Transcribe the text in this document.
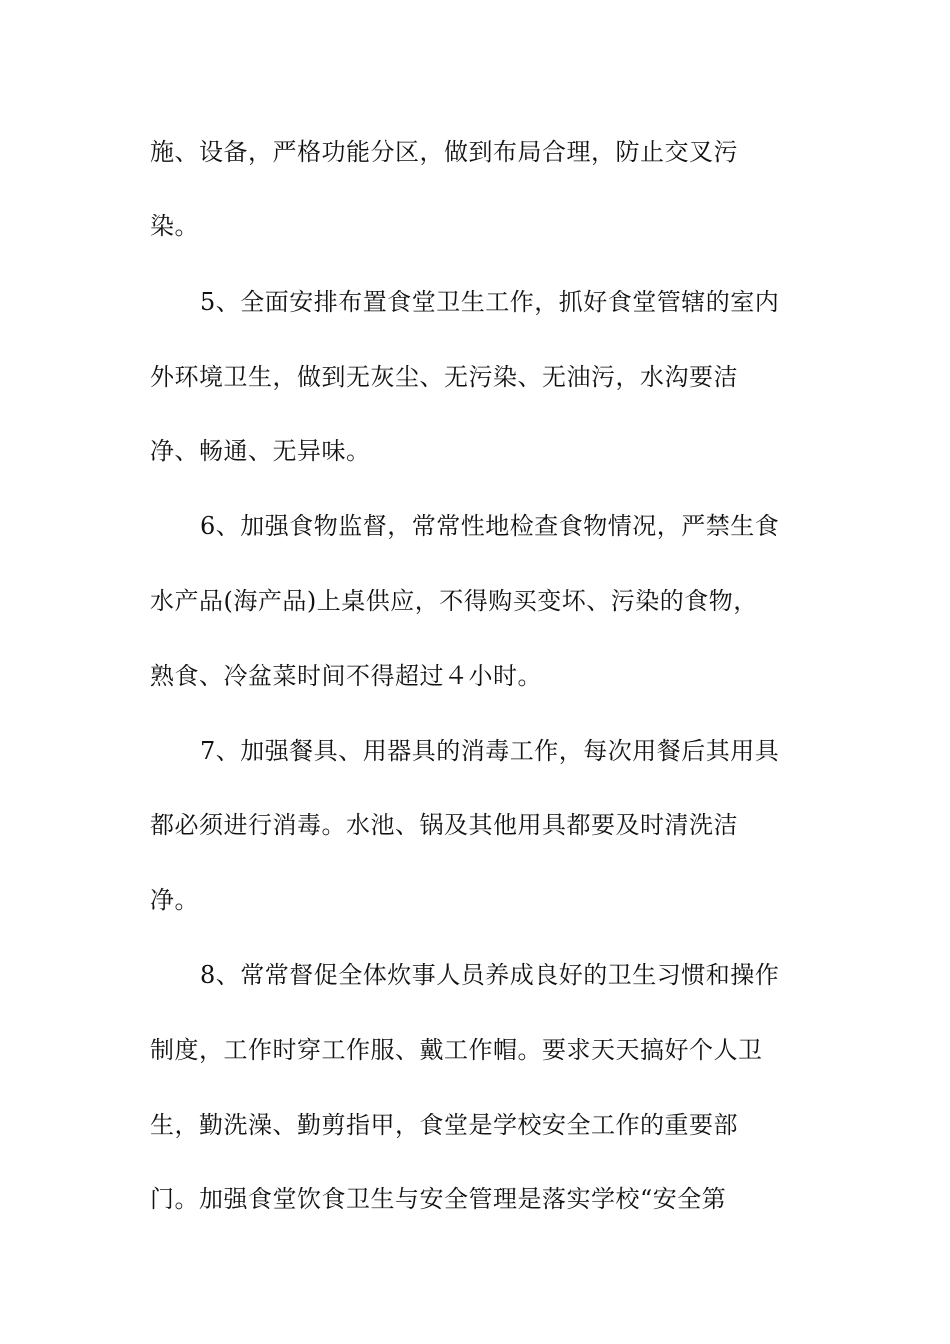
施、设备，严格功能分区，做到布局合理，防止交叉污
染。
5、全面安排布置食堂卫生工作，抓好食堂管辖的室内
外环境卫生，做到无灰尘、无污染、无油污，水沟要洁
净、畅通、无异味。
6、加强食物监督，常常性地检查食物情况，严禁生食
水产品(海产品)上桌供应，不得购买变坏、污染的食物，
熟食、冷盆菜时间不得超过４小时。
7、加强餐具、用器具的消毒工作，每次用餐后其用具
都必须进行消毒。水池、锅及其他用具都要及时清洗洁
净。
8、常常督促全体炊事人员养成良好的卫生习惯和操作
制度，工作时穿工作服、戴工作帽。要求天天搞好个人卫
生，勤洗澡、勤剪指甲，食堂是学校安全工作的重要部
门。加强食堂饮食卫生与安全管理是落实学校“安全第
